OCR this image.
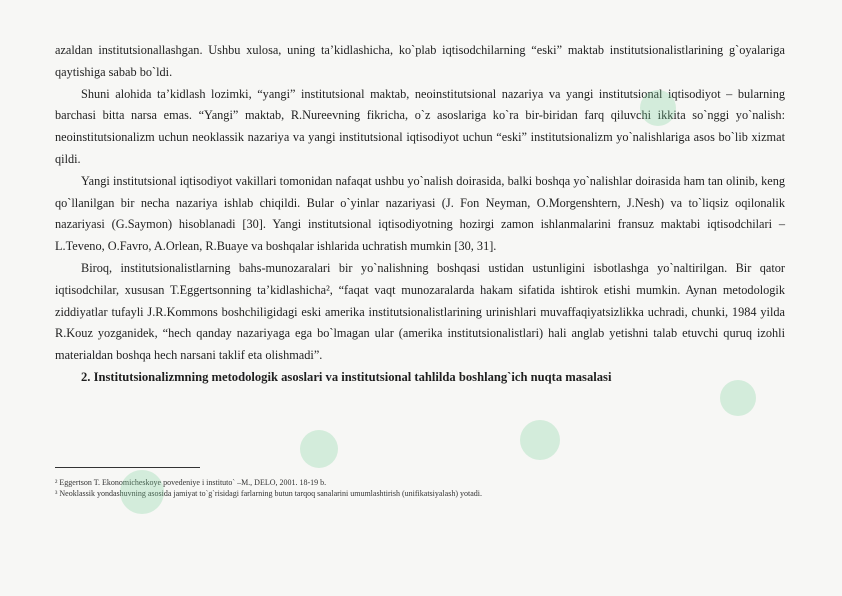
azaldan institutsionallashgan. Ushbu xulosa, uning ta’kidlashicha, ko`plab iqtisodchilarning “eski” maktab institutsionalistlarining g`oyalariga qaytishiga sabab bo`ldi.

Shuni alohida ta’kidlash lozimki, “yangi” institutsional maktab, neoinstitutsional nazariya va yangi institutsional iqtisodiyot – bularning barchasi bitta narsa emas. “Yangi” maktab, R.Nureevning fikricha, o`z asoslariga ko`ra bir-biridan farq qiluvchi ikkita so`nggi yo`nalish: neoinstitutsionalizm uchun neoklassik nazariya va yangi institutsional iqtisodiyot uchun “eski” institutsionalizm yo`nalishlariga asos bo`lib xizmat qildi.

Yangi institutsional iqtisodiyot vakillari tomonidan nafaqat ushbu yo`nalish doirasida, balki boshqa yo`nalishlar doirasida ham tan olinib, keng qo`llanilgan bir necha nazariya ishlab chiqildi. Bular o`yinlar nazariyasi (J. Fon Neyman, O.Morgenshtern, J.Nesh) va to`liqsiz oqilonalik nazariyasi (G.Saymon) hisoblanadi [30]. Yangi institutsional iqtisodiyotning hozirgi zamon ishlanmalarini fransuz maktabi iqtisodchilari – L.Teveno, O.Favro, A.Orlean, R.Buaye va boshqalar ishlarida uchratish mumkin [30, 31].

Biroq, institutsionalistlarning bahs-munozaralari bir yo`nalishning boshqasi ustidan ustunligini isbotlashga yo`naltirilgan. Bir qator iqtisodchilar, xususan T.Eggertsonning ta’kidlashicha², “faqat vaqt munozaralarda hakam sifatida ishtirok etishi mumkin. Aynan metodologik ziddiyatlar tufayli J.R.Kommons boshchiligidagi eski amerika institutsionalistlarining urinishlari muvaffaqiyatsizlikka uchradi, chunki, 1984 yilda R.Kouz yozganidek, “hech qanday nazariyaga ega bo`lmagan ular (amerika institutsionalistlari) hali anglab yetishni talab etuvchi quruq izohli materialdan boshqa hech narsani taklif eta olishmadi”.

2. Institutsionalizmning metodologik asoslari va institutsional tahlilda boshlang`ich nuqta masalasi

² Eggertson T. Ekonomicheskoye povedeniye i instituto` –M., DELO, 2001. 18-19 b.

³ Neoklassik yondashuvning asosida jamiyat to`g`risidagi farlarning butun tarqoq sanalarini umumlashtirish (unifikatsiyalash) yotadi.
